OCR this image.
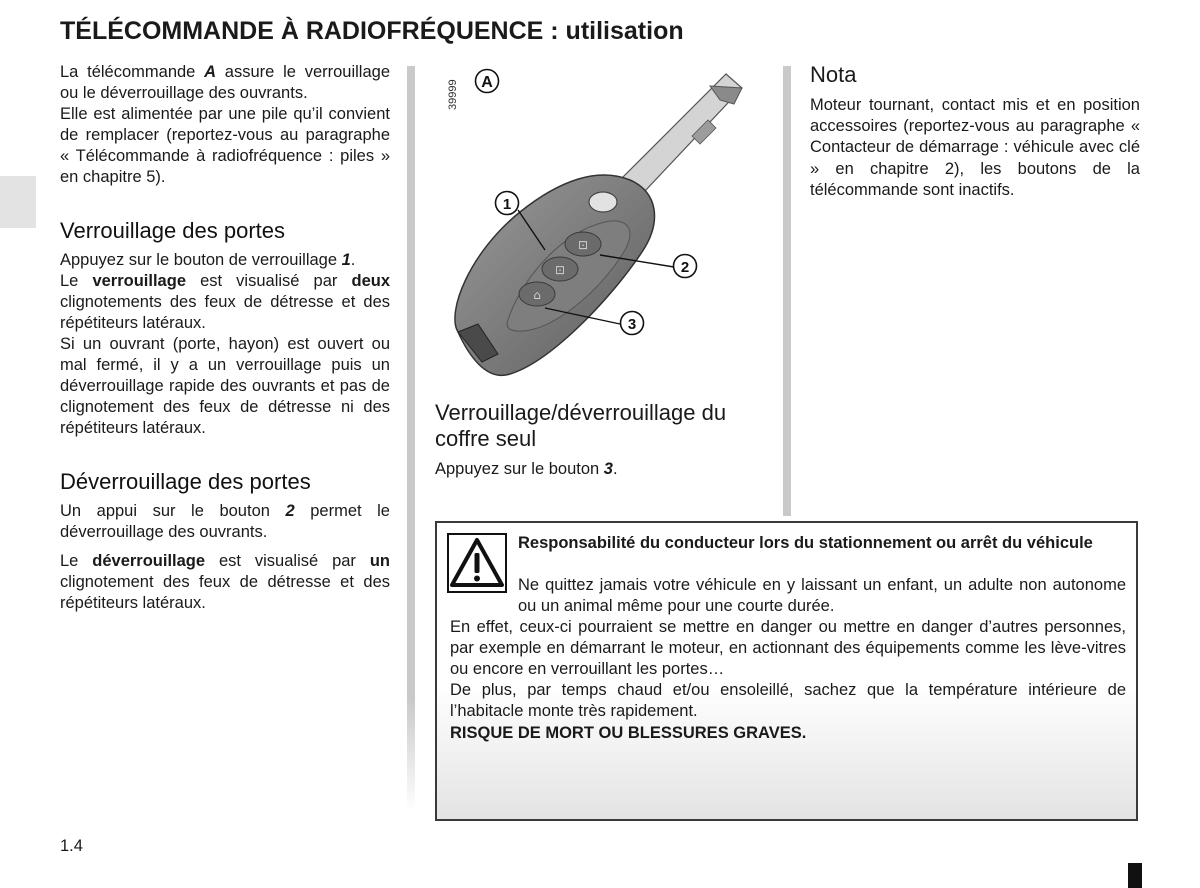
TÉLÉCOMMANDE À RADIOFRÉQUENCE : utilisation

La télécommande A assure le verrouillage ou le déverrouillage des ouvrants.

Elle est alimentée par une pile qu’il convient de remplacer (reportez-vous au paragraphe « Télécommande à radiofréquence : piles » en chapitre 5).

Verrouillage des portes

Appuyez sur le bouton de verrouillage 1.

Le verrouillage est visualisé par deux clignotements des feux de détresse et des répétiteurs latéraux.

Si un ouvrant (porte, hayon) est ouvert ou mal fermé, il y a un verrouillage puis un déverrouillage rapide des ouvrants et pas de clignotement des feux de détresse ni des répétiteurs latéraux.

Déverrouillage des portes

Un appui sur le bouton 2 permet le déverrouillage des ouvrants.

Le déverrouillage est visualisé par un clignotement des feux de détresse et des répétiteurs latéraux.

⊡
⊡
⌂
A
39999
1
2
3
Verrouillage/déverrouillage du coffre seul
Appuyez sur le bouton 3.
Nota
Moteur tournant, contact mis et en position accessoires (reportez-vous au paragraphe « Contacteur de démarrage : véhicule avec clé » en chapitre 2), les boutons de la télécommande sont inactifs.
Responsabilité du conducteur lors du stationnement ou arrêt du véhicule
Ne quittez jamais votre véhicule en y laissant un enfant, un adulte non autonome ou un animal même pour une courte durée.
En effet, ceux-ci pourraient se mettre en danger ou mettre en danger d’autres personnes, par exemple en démarrant le moteur, en actionnant des équipements comme les lève-vitres ou encore en verrouillant les portes…
De plus, par temps chaud et/ou ensoleillé, sachez que la température intérieure de l’habitacle monte très rapidement.
RISQUE DE MORT OU BLESSURES GRAVES.
1.4
